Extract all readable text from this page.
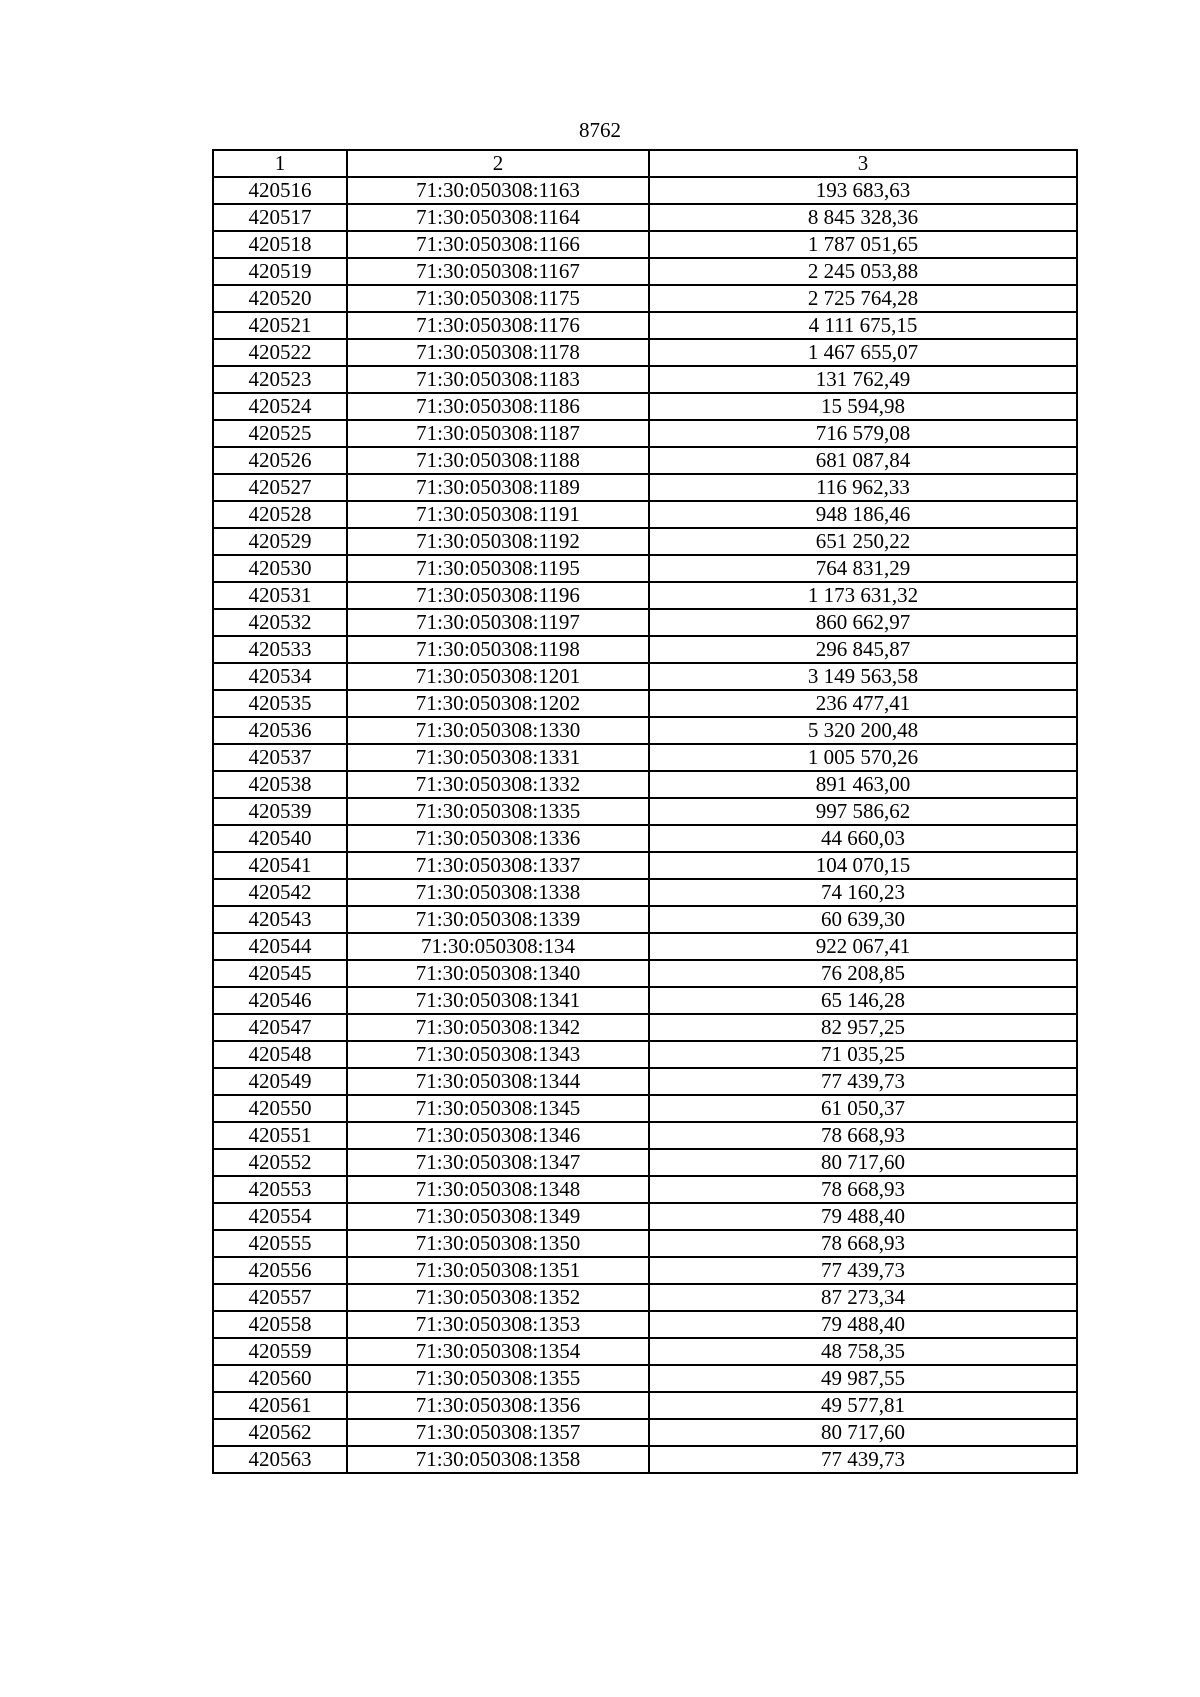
8762
1	2	3
420516	71:30:050308:1163	193 683,63
420517	71:30:050308:1164	8 845 328,36
420518	71:30:050308:1166	1 787 051,65
420519	71:30:050308:1167	2 245 053,88
420520	71:30:050308:1175	2 725 764,28
420521	71:30:050308:1176	4 111 675,15
420522	71:30:050308:1178	1 467 655,07
420523	71:30:050308:1183	131 762,49
420524	71:30:050308:1186	15 594,98
420525	71:30:050308:1187	716 579,08
420526	71:30:050308:1188	681 087,84
420527	71:30:050308:1189	116 962,33
420528	71:30:050308:1191	948 186,46
420529	71:30:050308:1192	651 250,22
420530	71:30:050308:1195	764 831,29
420531	71:30:050308:1196	1 173 631,32
420532	71:30:050308:1197	860 662,97
420533	71:30:050308:1198	296 845,87
420534	71:30:050308:1201	3 149 563,58
420535	71:30:050308:1202	236 477,41
420536	71:30:050308:1330	5 320 200,48
420537	71:30:050308:1331	1 005 570,26
420538	71:30:050308:1332	891 463,00
420539	71:30:050308:1335	997 586,62
420540	71:30:050308:1336	44 660,03
420541	71:30:050308:1337	104 070,15
420542	71:30:050308:1338	74 160,23
420543	71:30:050308:1339	60 639,30
420544	71:30:050308:134	922 067,41
420545	71:30:050308:1340	76 208,85
420546	71:30:050308:1341	65 146,28
420547	71:30:050308:1342	82 957,25
420548	71:30:050308:1343	71 035,25
420549	71:30:050308:1344	77 439,73
420550	71:30:050308:1345	61 050,37
420551	71:30:050308:1346	78 668,93
420552	71:30:050308:1347	80 717,60
420553	71:30:050308:1348	78 668,93
420554	71:30:050308:1349	79 488,40
420555	71:30:050308:1350	78 668,93
420556	71:30:050308:1351	77 439,73
420557	71:30:050308:1352	87 273,34
420558	71:30:050308:1353	79 488,40
420559	71:30:050308:1354	48 758,35
420560	71:30:050308:1355	49 987,55
420561	71:30:050308:1356	49 577,81
420562	71:30:050308:1357	80 717,60
420563	71:30:050308:1358	77 439,73
